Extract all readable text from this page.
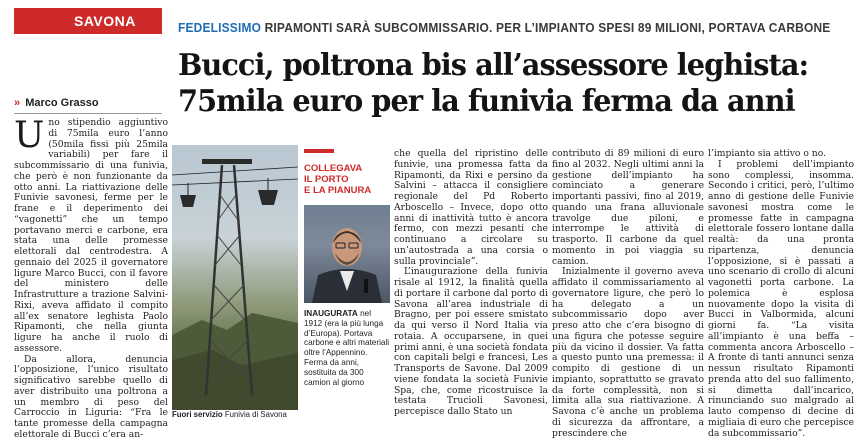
SAVONA	FEDELISSIMO RIPAMONTI SARÀ SUBCOMMISSARIO. PER L’IMPIANTO SPESI 89 MILIONI, PORTAVA CARBONE
Bucci, poltrona bis all’assessore leghista:
75mila euro per la funivia ferma da anni
» Marco Grasso

Uno stipendio aggiuntivo di 75mila euro l’anno (50mila fissi più 25mila variabili) per fare il subcommissario di una funivia, che però è non funzionante da otto anni. La riattivazione delle Funivie savonesi, ferme per le frane e il deperimento dei “vagonetti” che un tempo portavano merci e carbone, era stata una delle promesse elettorali dal centrodestra. A gennaio del 2025 il governatore ligure Marco Bucci, con il favore del ministero delle Infrastrutture a trazione Salvini-Rixi, aveva affidato il compito all’ex senatore leghista Paolo Ripamonti, che nella giunta ligure ha anche il ruolo di assessore.

Da allora, denuncia l’opposizione, l’unico risultato significativo sarebbe quello di aver distribuito una poltrona a un membro di peso del Carroccio in Liguria: “Fra le tante promesse della campagna elettorale di Bucci c’era an-

Fuori servizio Funivia di Savona
COLLEGAVA
IL PORTO
E LA PIANURA
INAUGURATA nel 1912 (era la più lunga d’Europa). Portava carbone e altri materiali oltre l’Appennino. Ferma da anni, sostituita da 300 camion al giorno

che quella del ripristino delle funivie, una promessa fatta da Ripamonti, da Rixi e persino da Salvini – attacca il consigliere regionale del Pd Roberto Arboscello – Invece, dopo otto anni di inattività tutto è ancora fermo, con mezzi pesanti che continuano a circolare su un’autostrada a una corsia o sulla provinciale”.

L’inaugurazione della funivia risale al 1912, la finalità quella di portare il carbone dal porto di Savona all’area industriale di Bragno, per poi essere smistato da qui verso il Nord Italia via rotaia. A occuparsene, in quei primi anni, è una società fondata con capitali belgi e francesi, Les Transports de Savone. Dal 2009 viene fondata la società Funivie Spa, che, come ricostruisce la testata Trucioli Savonesi, percepisce dallo Stato un

contributo di 89 milioni di euro fino al 2032. Negli ultimi anni la gestione dell’impianto ha cominciato a generare importanti passivi, fino al 2019, quando una frana alluvionale travolge due piloni, e interrompe le attività di trasporto. Il carbone da quel momento in poi viaggia su camion.

Inizialmente il governo aveva affidato il commissariamento al governatore ligure, che però lo ha delegato a un subcommissario dopo aver preso atto che c’era bisogno di una figura che potesse seguire più da vicino il dossier. Va fatta a questo punto una premessa: il compito di gestione di un impianto, soprattutto se gravato da forte complessità, non si limita alla sua riattivazione. A Savona c’è anche un problema di sicurezza da affrontare, a prescindere che

l’impianto sia attivo o no.

I problemi dell’impianto sono complessi, insomma. Secondo i critici, però, l’ultimo anno di gestione delle Funivie savonesi mostra come le promesse fatte in campagna elettorale fossero lontane dalla realtà: da una pronta ripartenza, denuncia l’opposizione, si è passati a uno scenario di crollo di alcuni vagonetti porta carbone. La polemica è esplosa nuovamente dopo la visita di Bucci in Valbormida, alcuni giorni fa. “La visita all’impianto è una beffa – commenta ancora Arboscello – A fronte di tanti annunci senza nessun risultato Ripamonti prenda atto del suo fallimento, si dimetta dall’incarico, rinunciando suo malgrado al lauto compenso di decine di migliaia di euro che percepisce da subcommissario”.
